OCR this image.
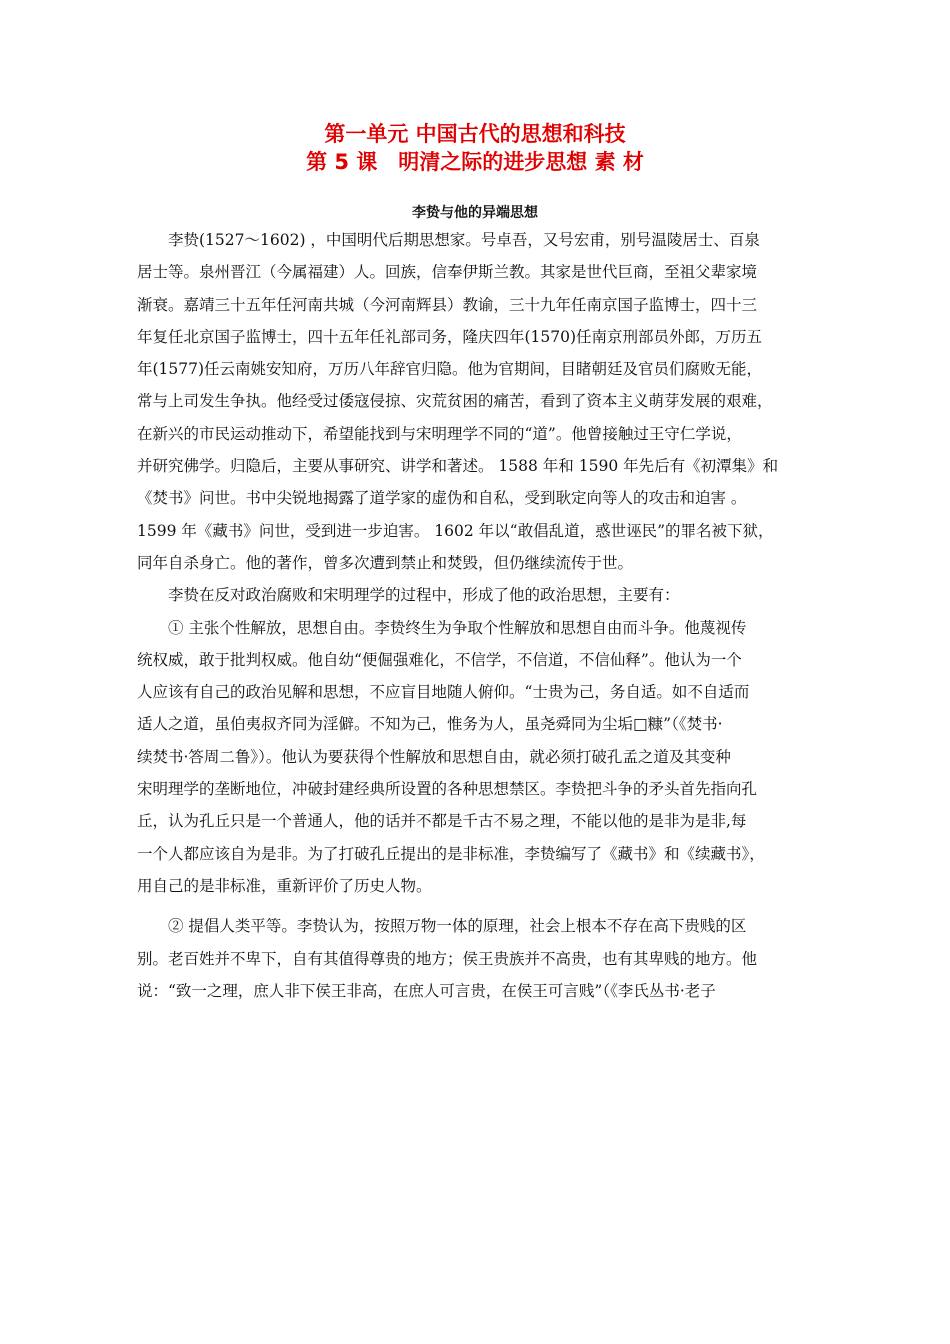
第一单元 中国古代的思想和科技

第 5 课　明清之际的进步思想 素 材

李贽与他的异端思想

　　李贽(1527～1602) ，中国明代后期思想家。号卓吾，又号宏甫，别号温陵居士、百泉

居士等。泉州晋江（今属福建）人。回族，信奉伊斯兰教。其家是世代巨商，至祖父辈家境

渐衰。嘉靖三十五年任河南共城（今河南辉县）教谕，三十九年任南京国子监博士，四十三

年复任北京国子监博士，四十五年任礼部司务，隆庆四年(1570)任南京刑部员外郎，万历五

年(1577)任云南姚安知府，万历八年辞官归隐。他为官期间，目睹朝廷及官员们腐败无能，

常与上司发生争执。他经受过倭寇侵掠、灾荒贫困的痛苦，看到了资本主义萌芽发展的艰难，

在新兴的市民运动推动下，希望能找到与宋明理学不同的“道”。他曾接触过王守仁学说，

并研究佛学。归隐后，主要从事研究、讲学和著述。 1588 年和 1590 年先后有《初潭集》和

《焚书》问世。书中尖锐地揭露了道学家的虚伪和自私，受到耿定向等人的攻击和迫害 。

1599 年《藏书》问世，受到进一步迫害。 1602 年以“敢倡乱道，惑世诬民”的罪名被下狱，

同年自杀身亡。他的著作，曾多次遭到禁止和焚毁，但仍继续流传于世。

　　李贽在反对政治腐败和宋明理学的过程中，形成了他的政治思想，主要有：

　　① 主张个性解放，思想自由。李贽终生为争取个性解放和思想自由而斗争。他蔑视传

统权威，敢于批判权威。他自幼“便倔强难化，不信学，不信道，不信仙释”。他认为一个

人应该有自己的政治见解和思想，不应盲目地随人俯仰。“士贵为己，务自适。如不自适而

适人之道，虽伯夷叔齐同为淫僻。不知为己，惟务为人，虽尧舜同为尘垢□糠”（《焚书·

续焚书·答周二鲁》）。他认为要获得个性解放和思想自由，就必须打破孔孟之道及其变种

宋明理学的垄断地位，冲破封建经典所设置的各种思想禁区。李贽把斗争的矛头首先指向孔

丘，认为孔丘只是一个普通人，他的话并不都是千古不易之理，不能以他的是非为是非,每

一个人都应该自为是非。为了打破孔丘提出的是非标准，李贽编写了《藏书》和《续藏书》，

用自己的是非标准，重新评价了历史人物。

　　② 提倡人类平等。李贽认为，按照万物一体的原理，社会上根本不存在高下贵贱的区

别。老百姓并不卑下，自有其值得尊贵的地方；侯王贵族并不高贵，也有其卑贱的地方。他

说：“致一之理，庶人非下侯王非高，在庶人可言贵，在侯王可言贱”（《李氏丛书·老子
